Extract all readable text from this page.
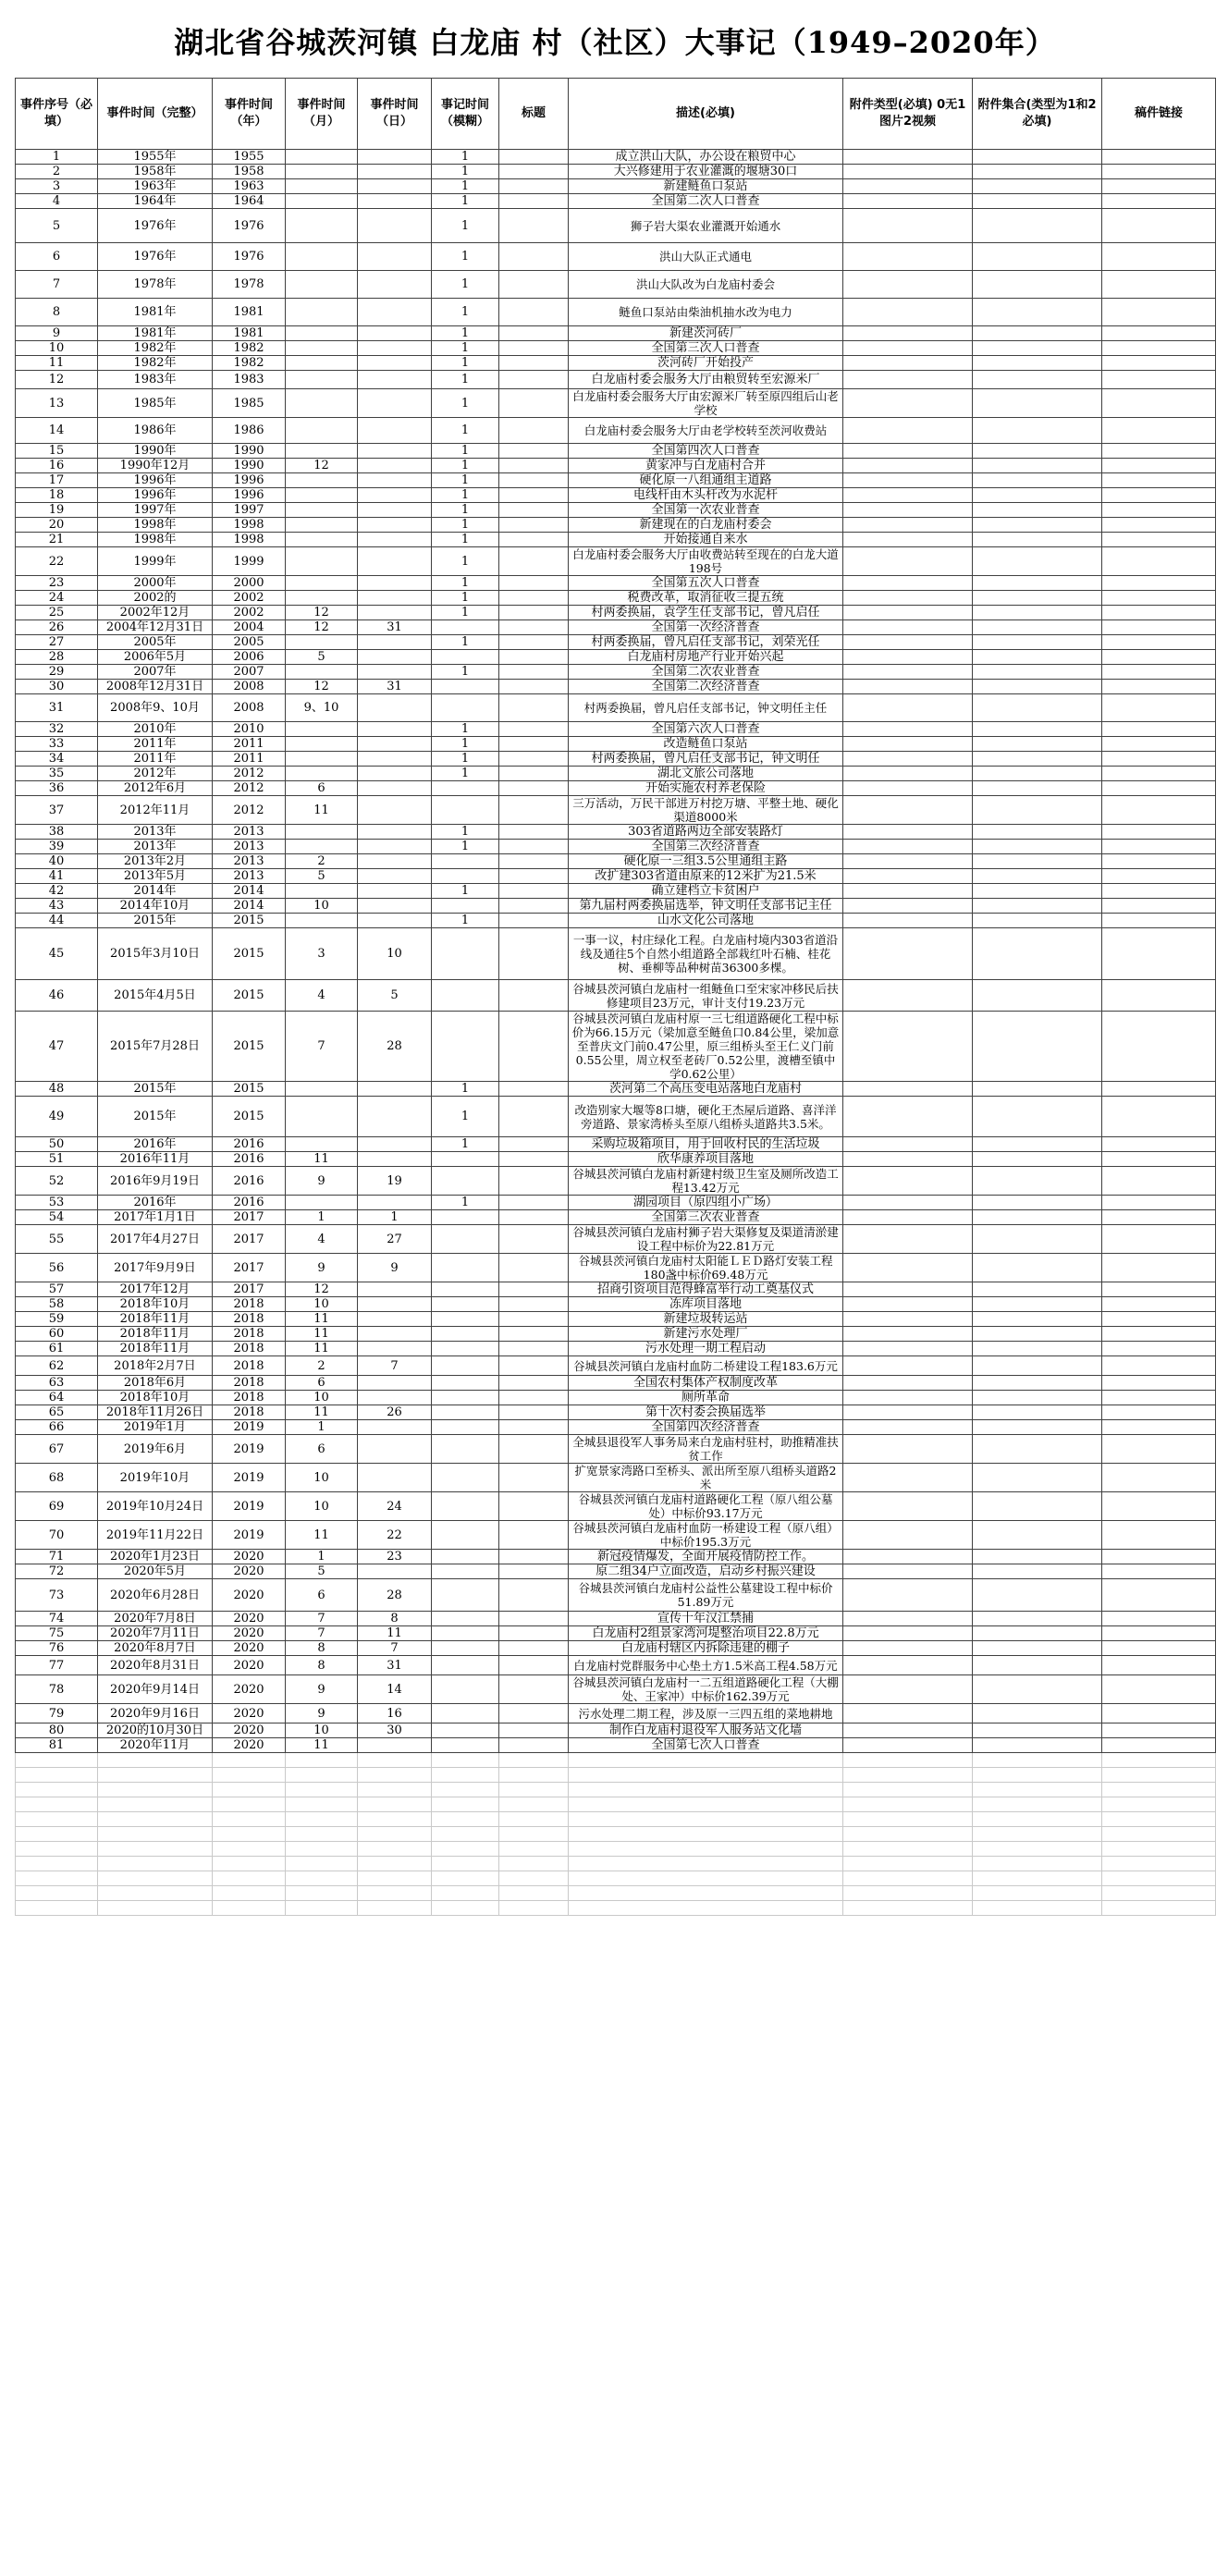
湖北省谷城茨河镇 白龙庙 村（社区）大事记（1949–2020年）
事件序号（必填）	事件时间（完整）	事件时间（年）	事件时间（月）	事件时间（日）	事记时间（模糊）	标题	描述(必填)	附件类型(必填) 0无1图片2视频	附件集合(类型为1和2必填)	稿件链接
1	1955年	1955			1		成立洪山大队，办公设在粮贸中心			
2	1958年	1958			1		大兴修建用于农业灌溉的堰塘30口			
3	1963年	1963			1		新建鲢鱼口泵站			
4	1964年	1964			1		全国第二次人口普查			
5	1976年	1976			1		狮子岩大渠农业灌溉开始通水			
6	1976年	1976			1		洪山大队正式通电			
7	1978年	1978			1		洪山大队改为白龙庙村委会			
8	1981年	1981			1		鲢鱼口泵站由柴油机抽水改为电力			
9	1981年	1981			1		新建茨河砖厂			
10	1982年	1982			1		全国第三次人口普查			
11	1982年	1982			1		茨河砖厂开始投产			
12	1983年	1983			1		白龙庙村委会服务大厅由粮贸转至宏源米厂			
13	1985年	1985			1		白龙庙村委会服务大厅由宏源米厂转至原四组后山老学校			
14	1986年	1986			1		白龙庙村委会服务大厅由老学校转至茨河收费站			
15	1990年	1990			1		全国第四次人口普查			
16	1990年12月	1990	12		1		黄家冲与白龙庙村合并			
17	1996年	1996			1		硬化原一八组通组主道路			
18	1996年	1996			1		电线杆由木头杆改为水泥杆			
19	1997年	1997			1		全国第一次农业普查			
20	1998年	1998			1		新建现在的白龙庙村委会			
21	1998年	1998			1		开始接通自来水			
22	1999年	1999			1		白龙庙村委会服务大厅由收费站转至现在的白龙大道198号			
23	2000年	2000			1		全国第五次人口普查			
24	2002的	2002			1		税费改革，取消征收三提五统			
25	2002年12月	2002	12		1		村两委换届，袁学生任支部书记，曾凡启任			
26	2004年12月31日	2004	12	31			全国第一次经济普查			
27	2005年	2005			1		村两委换届，曾凡启任支部书记，刘荣光任			
28	2006年5月	2006	5				白龙庙村房地产行业开始兴起			
29	2007年	2007			1		全国第二次农业普查			
30	2008年12月31日	2008	12	31			全国第二次经济普查			
31	2008年9、10月	2008	9、10				村两委换届，曾凡启任支部书记，钟文明任主任			
32	2010年	2010			1		全国第六次人口普查			
33	2011年	2011			1		改造鲢鱼口泵站			
34	2011年	2011			1		村两委换届，曾凡启任支部书记，钟文明任			
35	2012年	2012			1		湖北文旅公司落地			
36	2012年6月	2012	6				开始实施农村养老保险			
37	2012年11月	2012	11				三万活动，万民干部进万村挖万塘、平整土地、硬化渠道8000米			
38	2013年	2013			1		303省道路两边全部安装路灯			
39	2013年	2013			1		全国第三次经济普查			
40	2013年2月	2013	2				硬化原一三组3.5公里通组主路			
41	2013年5月	2013	5				改扩建303省道由原来的12米扩为21.5米			
42	2014年	2014			1		确立建档立卡贫困户			
43	2014年10月	2014	10				第九届村两委换届选举，钟文明任支部书记主任			
44	2015年	2015			1		山水文化公司落地			
45	2015年3月10日	2015	3	10			一事一议，村庄绿化工程。白龙庙村境内303省道沿线及通往5个自然小组道路全部栽红叶石楠、桂花树、垂柳等品种树苗36300多棵。			
46	2015年4月5日	2015	4	5			谷城县茨河镇白龙庙村一组鲢鱼口至宋家冲移民后扶修建项目23万元，审计支付19.23万元			
47	2015年7月28日	2015	7	28			谷城县茨河镇白龙庙村原一三七组道路硬化工程中标价为66.15万元（梁加意至鲢鱼口0.84公里，梁加意至普庆文门前0.47公里，原三组桥头至王仁义门前0.55公里，周立权至老砖厂0.52公里，渡槽至镇中学0.62公里）			
48	2015年	2015			1		茨河第二个高压变电站落地白龙庙村			
49	2015年	2015			1		改造别家大堰等8口塘，硬化王杰屋后道路、喜洋洋旁道路、景家湾桥头至原八组桥头道路共3.5米。			
50	2016年	2016			1		采购垃圾箱项目，用于回收村民的生活垃圾			
51	2016年11月	2016	11				欣华康养项目落地			
52	2016年9月19日	2016	9	19			谷城县茨河镇白龙庙村新建村级卫生室及厕所改造工程13.42万元			
53	2016年	2016			1		湖园项目（原四组小广场）			
54	2017年1月1日	2017	1	1			全国第三次农业普查			
55	2017年4月27日	2017	4	27			谷城县茨河镇白龙庙村狮子岩大渠修复及渠道清淤建设工程中标价为22.81万元			
56	2017年9月9日	2017	9	9			谷城县茨河镇白龙庙村太阳能ＬＥＤ路灯安装工程180盏中标价69.48万元			
57	2017年12月	2017	12				招商引资项目范得蜂富举行动工奠基仪式			
58	2018年10月	2018	10				冻库项目落地			
59	2018年11月	2018	11				新建垃圾转运站			
60	2018年11月	2018	11				新建污水处理厂			
61	2018年11月	2018	11				污水处理一期工程启动			
62	2018年2月7日	2018	2	7			谷城县茨河镇白龙庙村血防二桥建设工程183.6万元			
63	2018年6月	2018	6				全国农村集体产权制度改革			
64	2018年10月	2018	10				厕所革命			
65	2018年11月26日	2018	11	26			第十次村委会换届选举			
66	2019年1月	2019	1				全国第四次经济普查			
67	2019年6月	2019	6				全城县退役军人事务局来白龙庙村驻村，助推精准扶贫工作			
68	2019年10月	2019	10				扩宽景家湾路口至桥头、派出所至原八组桥头道路2米			
69	2019年10月24日	2019	10	24			谷城县茨河镇白龙庙村道路硬化工程（原八组公墓处）中标价93.17万元			
70	2019年11月22日	2019	11	22			谷城县茨河镇白龙庙村血防一桥建设工程（原八组）中标价195.3万元			
71	2020年1月23日	2020	1	23			新冠疫情爆发，全面开展疫情防控工作。			
72	2020年5月	2020	5				原二组34户立面改造，启动乡村振兴建设			
73	2020年6月28日	2020	6	28			谷城县茨河镇白龙庙村公益性公墓建设工程中标价51.89万元			
74	2020年7月8日	2020	7	8			宣传十年汉江禁捕			
75	2020年7月11日	2020	7	11			白龙庙村2组景家湾河堤整治项目22.8万元			
76	2020年8月7日	2020	8	7			白龙庙村辖区内拆除违建的棚子			
77	2020年8月31日	2020	8	31			白龙庙村党群服务中心垫土方1.5米高工程4.58万元			
78	2020年9月14日	2020	9	14			谷城县茨河镇白龙庙村一二五组道路硬化工程（大棚处、王家冲）中标价162.39万元			
79	2020年9月16日	2020	9	16			污水处理二期工程，涉及原一三四五组的菜地耕地			
80	2020的10月30日	2020	10	30			制作白龙庙村退役军人服务站文化墙			
81	2020年11月	2020	11				全国第七次人口普查			
